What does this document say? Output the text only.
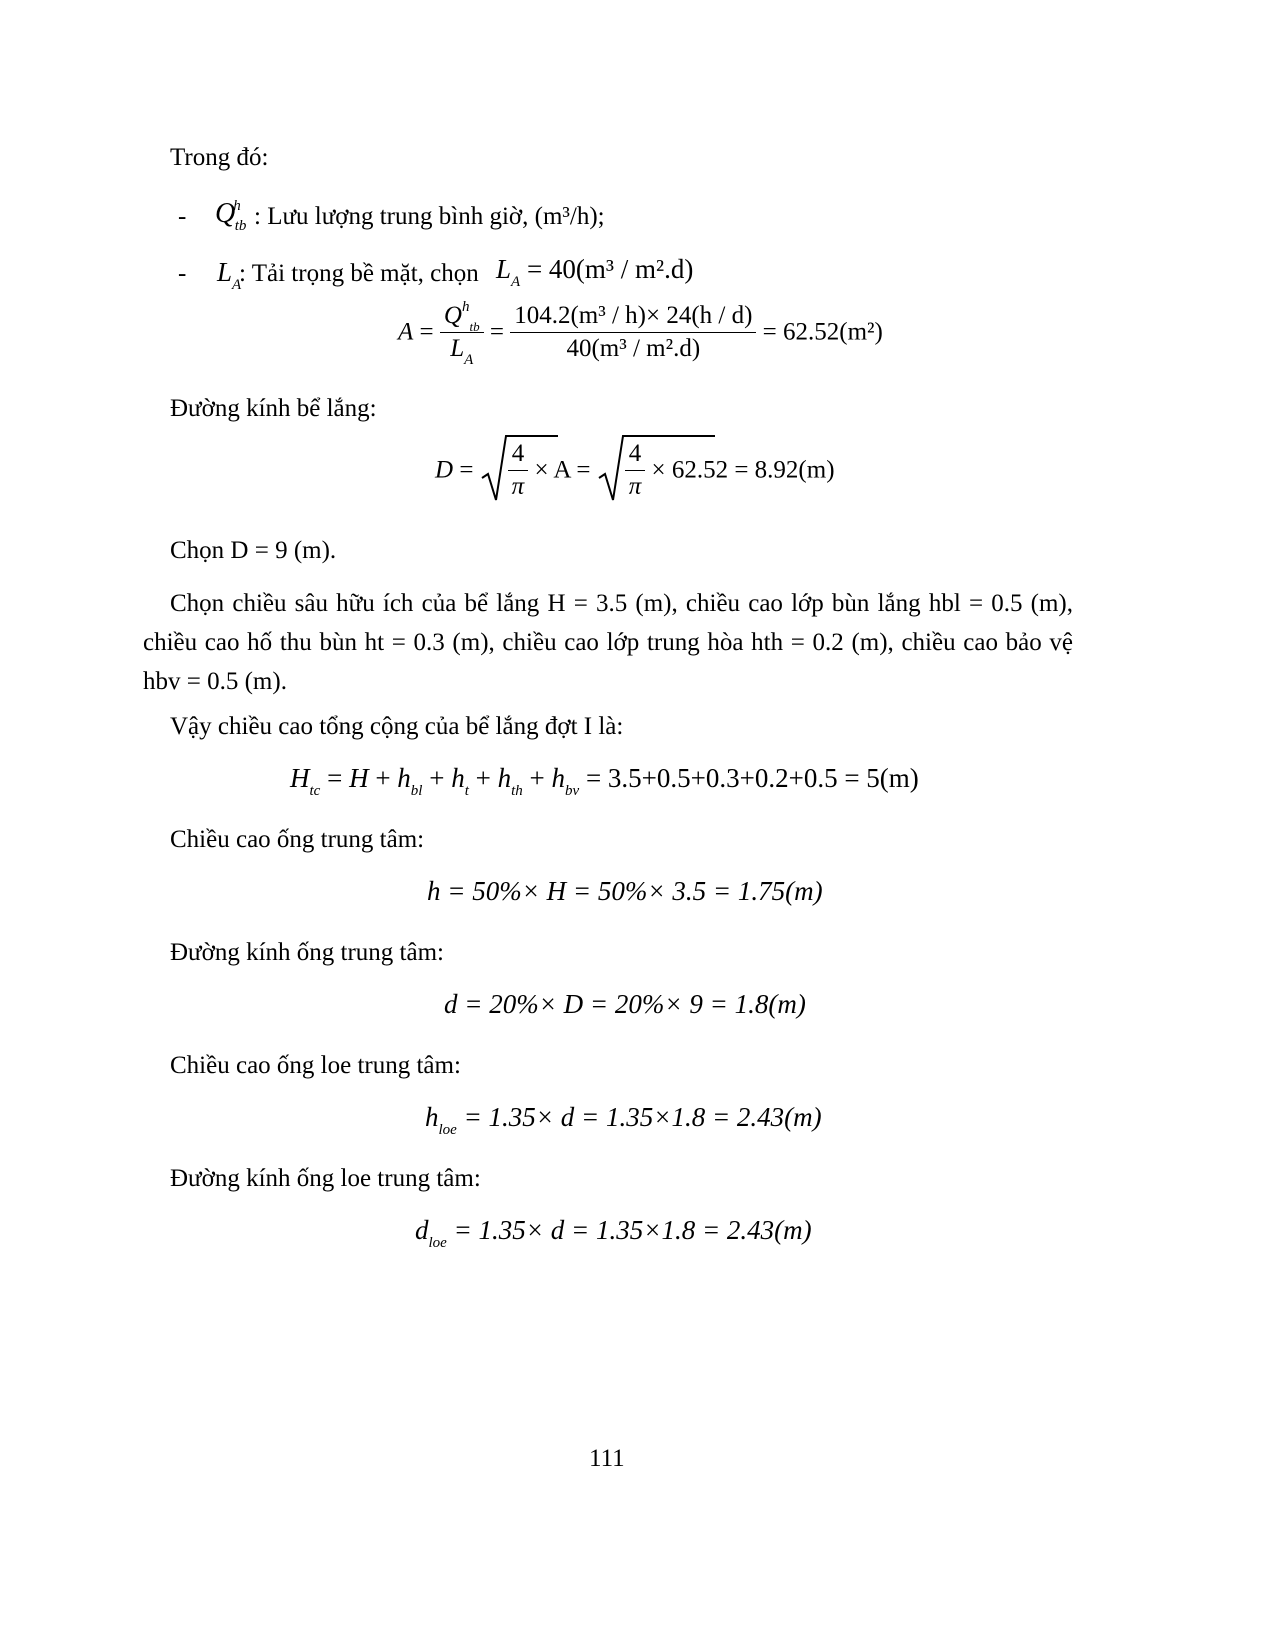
Trong đó:
- $Q^h_{tb}$ : Lưu lượng trung bình giờ, (m³/h);
- $L_A$
: Tải trọng bề mặt, chọn $L_A = 40(m^3 / m^2.d)$
$A = \frac{Q^h_{tb}}{L_A} = \frac{\text{104.2(m³ / h)× 24(h / d)}}{\text{40(m³ / m².d)}} = 62.52(m^2)$
Đường kính bể lắng:
$D = \frac{4}{\pi} \times A = \frac{4}{\pi} \times 62.52 = 8.92(m)$
Chọn D = 9 (m).
Chọn chiều sâu hữu ích của bể lắng H = 3.5 (m), chiều cao lớp bùn lắng hbl = 0.5 (m), chiều cao hố thu bùn ht = 0.3 (m), chiều cao lớp trung hòa hth = 0.2 (m), chiều cao bảo vệ hbv = 0.5 (m).
Vậy chiều cao tổng cộng của bể lắng đợt I là:
$H_{tc} = H + h_{bl} + h_t + h_{th} + h_{bv} = 3.5+0.5+0.3+0.2+0.5 = 5(m)$
Chiều cao ống trung tâm:
h = 50%× H = 50%× 3.5 = 1.75(m)
Đường kính ống trung tâm:
d = 20%× D = 20%× 9 = 1.8(m)
Chiều cao ống loe trung tâm:
$h_{loe} = 1.35\times d = 1.35\times 1.8 = 2.43(m)$
Đường kính ống loe trung tâm:
$d_{loe} = 1.35\times d = 1.35\times 1.8 = 2.43(m)$
111
